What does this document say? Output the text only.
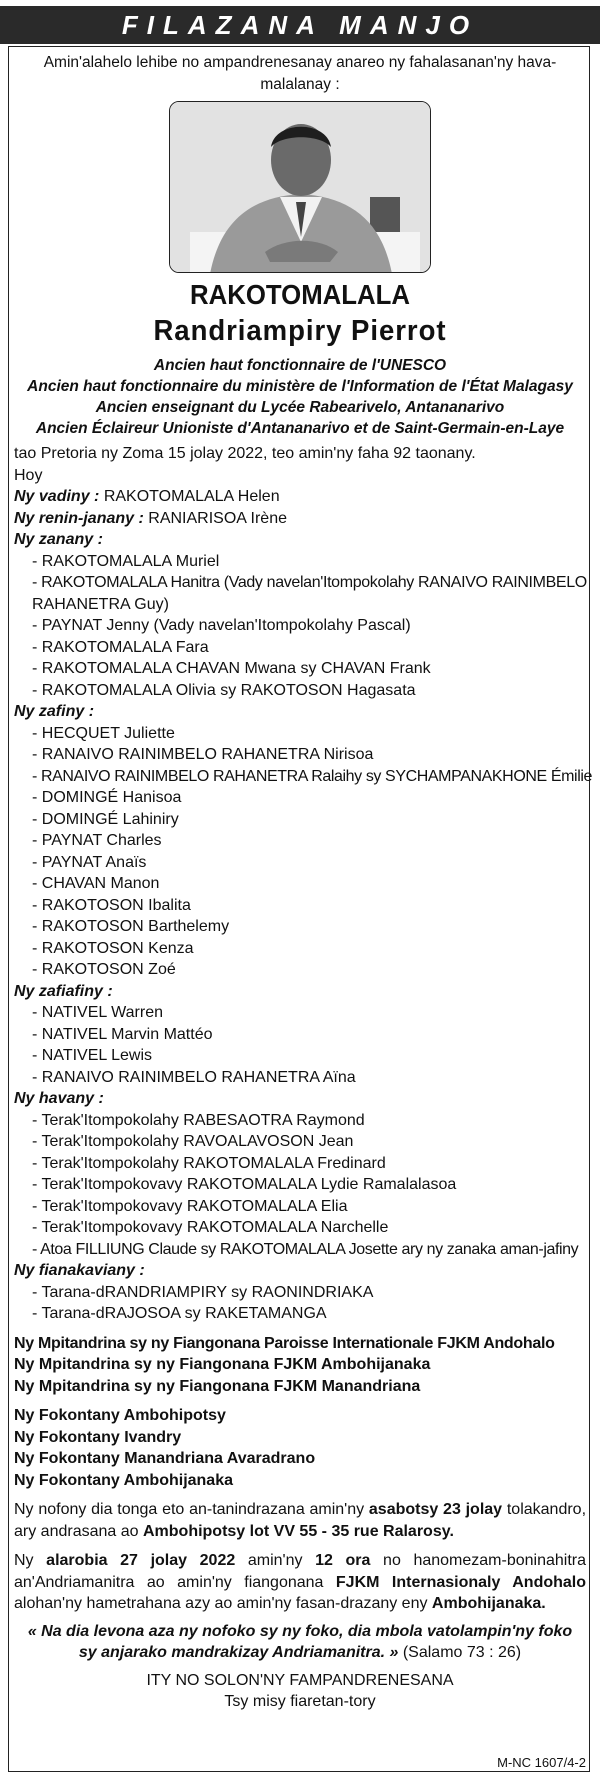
FILAZANA MANJO
Amin'alahelo lehibe no ampandrenesanay anareo ny fahalasanan'ny hava-malalanay :
RAKOTOMALALA
Randriampiry Pierrot
Ancien haut fonctionnaire de l'UNESCO
Ancien haut fonctionnaire du ministère de l'Information de l'État Malagasy
Ancien enseignant du Lycée Rabearivelo, Antananarivo
Ancien Éclaireur Unioniste d'Antananarivo et de Saint-Germain-en-Laye
tao Pretoria ny Zoma 15 jolay 2022, teo amin'ny faha 92 taonany.
Hoy
Ny vadiny : RAKOTOMALALA Helen
Ny renin-janany : RANIARISOA Irène
Ny zanany :
- RAKOTOMALALA Muriel
- RAKOTOMALALA Hanitra (Vady navelan'Itompokolahy RANAIVO RAINIMBELO
RAHANETRA Guy)
- PAYNAT Jenny (Vady navelan'Itompokolahy Pascal)
- RAKOTOMALALA Fara
- RAKOTOMALALA CHAVAN Mwana sy CHAVAN Frank
- RAKOTOMALALA Olivia sy RAKOTOSON Hagasata
Ny zafiny :
- HECQUET Juliette
- RANAIVO RAINIMBELO RAHANETRA Nirisoa
- RANAIVO RAINIMBELO RAHANETRA Ralaihy sy SYCHAMPANAKHONE Émilie
- DOMINGÉ Hanisoa
- DOMINGÉ Lahiniry
- PAYNAT Charles
- PAYNAT Anaïs
- CHAVAN Manon
- RAKOTOSON Ibalita
- RAKOTOSON Barthelemy
- RAKOTOSON Kenza
- RAKOTOSON Zoé
Ny zafiafiny :
- NATIVEL Warren
- NATIVEL Marvin Mattéo
- NATIVEL Lewis
- RANAIVO RAINIMBELO RAHANETRA Aïna
Ny havany :
- Terak'Itompokolahy RABESAOTRA Raymond
- Terak'Itompokolahy RAVOALAVOSON Jean
- Terak'Itompokolahy RAKOTOMALALA Fredinard
- Terak'Itompokovavy RAKOTOMALALA Lydie Ramalalasoa
- Terak'Itompokovavy RAKOTOMALALA Elia
- Terak'Itompokovavy RAKOTOMALALA Narchelle
- Atoa FILLIUNG Claude sy RAKOTOMALALA Josette ary ny zanaka aman-jafiny
Ny fianakaviany :
- Tarana-dRANDRIAMPIRY sy RAONINDRIAKA
- Tarana-dRAJOSOA sy RAKETAMANGA
Ny Mpitandrina sy ny Fiangonana Paroisse Internationale FJKM Andohalo
Ny Mpitandrina sy ny Fiangonana FJKM Ambohijanaka
Ny Mpitandrina sy ny Fiangonana FJKM Manandriana
Ny Fokontany Ambohipotsy
Ny Fokontany Ivandry
Ny Fokontany Manandriana Avaradrano
Ny Fokontany Ambohijanaka
Ny nofony dia tonga eto an-tanindrazana amin'ny asabotsy 23 jolay tolakandro, ary andrasana ao Ambohipotsy lot VV 55 - 35 rue Ralarosy.
Ny alarobia 27 jolay 2022 amin'ny 12 ora no hanomezam-boninahitra an'Andriamanitra ao amin'ny fiangonana FJKM Internasionaly Andohalo alohan'ny hametrahana azy ao amin'ny fasan-drazany eny Ambohijanaka.
« Na dia levona aza ny nofoko sy ny foko, dia mbola vatolampin'ny foko
sy anjarako mandrakizay Andriamanitra. » (Salamo 73 : 26)
ITY NO SOLON'NY FAMPANDRENESANA
Tsy misy fiaretan-tory
M-NC 1607/4-2
